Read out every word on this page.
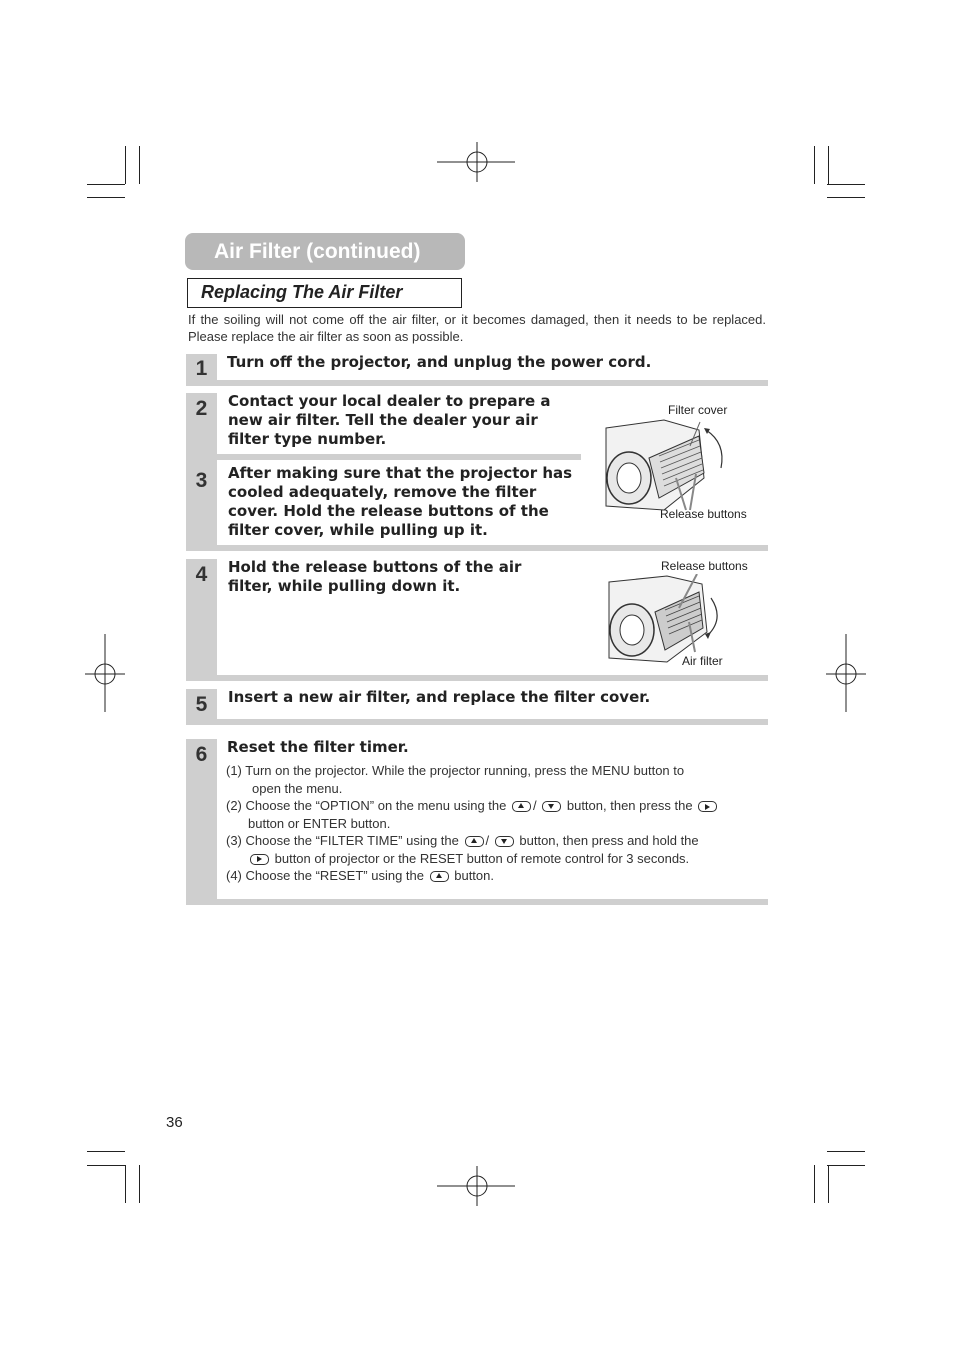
Air Filter (continued)
Replacing The Air Filter
If the soiling will not come off the air filter, or it becomes damaged, then it needs to be replaced. Please replace the air filter as soon as possible.
1	Turn off the projector, and unplug the power cord.
2	Contact your local dealer to prepare a new air filter. Tell the dealer your air filter type number.
3	After making sure that the projector has cooled adequately, remove the filter cover. Hold the release buttons of the filter cover, while pulling up it.
Filter cover
Release buttons
4	Hold the release buttons of the air filter, while pulling down it.
Release buttons
Air filter
5	Insert a new air filter, and replace the filter cover.
6	Reset the filter timer.
(1) Turn on the projector. While the projector running, press the MENU button to
open the menu.
(2) Choose the “OPTION” on the menu using the / button, then press the
button or ENTER button.
(3) Choose the “FILTER TIME” using the / button, then press and hold the
button of projector or the RESET button of remote control for 3 seconds.
(4) Choose the “RESET” using the button.
36
